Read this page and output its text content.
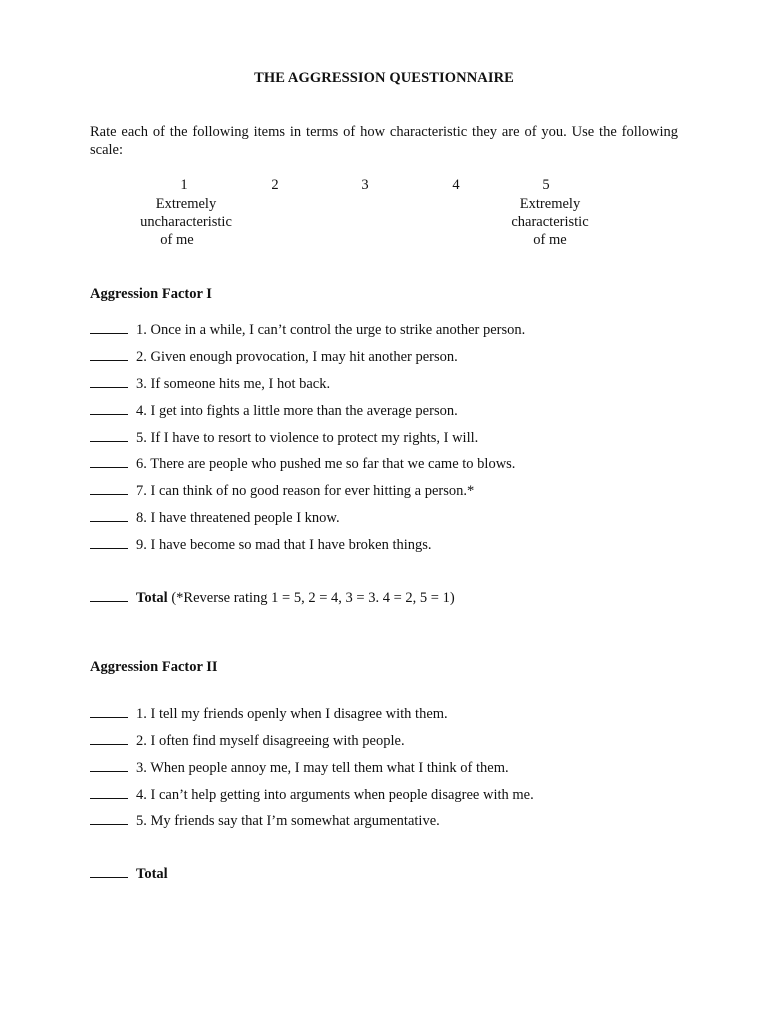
THE AGGRESSION QUESTIONNAIRE
Rate each of the following items in terms of how characteristic they are of you. Use the following scale:
1	2	3	4	5
Extremely
uncharacteristic
of me
Extremely
characteristic
of me
Aggression Factor I
1. Once in a while, I can’t control the urge to strike another person.
2. Given enough provocation, I may hit another person.
3. If someone hits me, I hot back.
4. I get into fights a little more than the average person.
5. If I have to resort to violence to protect my rights, I will.
6. There are people who pushed me so far that we came to blows.
7. I can think of no good reason for ever hitting a person.*
8. I have threatened people I know.
9. I have become so mad that I have broken things.
Total (*Reverse rating 1 = 5, 2 = 4, 3 = 3. 4 = 2, 5 = 1)
Aggression Factor II
1. I tell my friends openly when I disagree with them.
2. I often find myself disagreeing with people.
3. When people annoy me, I may tell them what I think of them.
4. I can’t help getting into arguments when people disagree with me.
5. My friends say that I’m somewhat argumentative.
Total
